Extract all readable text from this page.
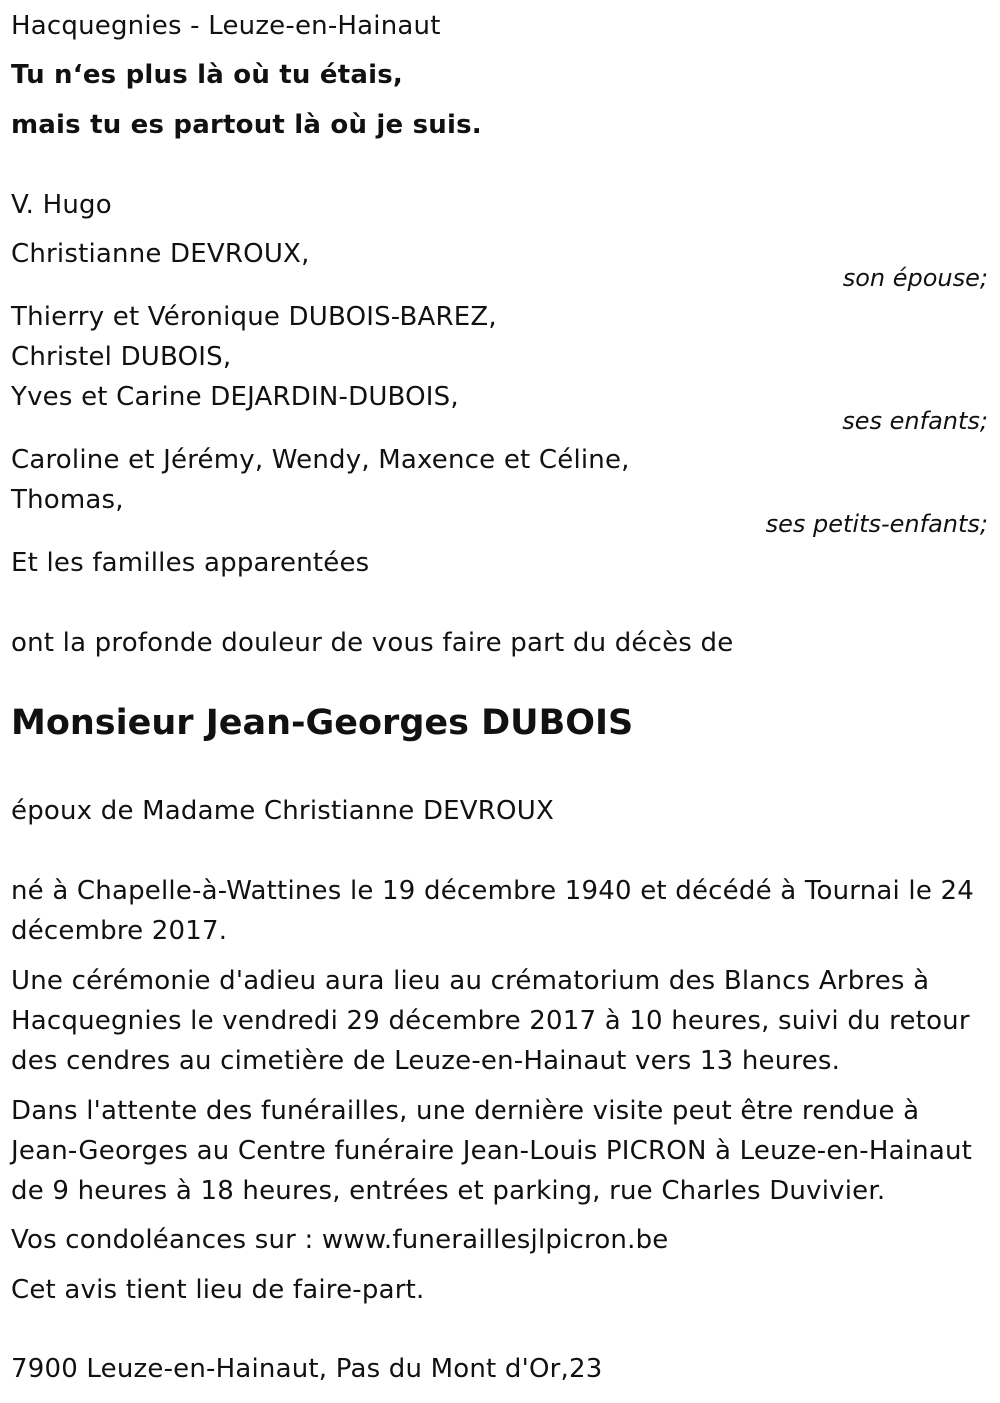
Hacquegnies - Leuze-en-Hainaut
Tu n‘es plus là où tu étais,
mais tu es partout là où je suis.
V. Hugo
Christianne DEVROUX,
son épouse;
Thierry et Véronique DUBOIS-BAREZ,
Christel DUBOIS,
Yves et Carine DEJARDIN-DUBOIS,
ses enfants;
Caroline et Jérémy, Wendy, Maxence et Céline,
Thomas,
ses petits-enfants;
Et les familles apparentées
ont la profonde douleur de vous faire part du décès de
Monsieur Jean-Georges DUBOIS
époux de Madame Christianne DEVROUX
né à Chapelle-à-Wattines le 19 décembre 1940 et décédé à Tournai le 24
décembre 2017.
Une cérémonie d'adieu aura lieu au crématorium des Blancs Arbres à
Hacquegnies le vendredi 29 décembre 2017 à 10 heures, suivi du retour
des cendres au cimetière de Leuze-en-Hainaut vers 13 heures.
Dans l'attente des funérailles, une dernière visite peut être rendue à
Jean-Georges au Centre funéraire Jean-Louis PICRON à Leuze-en-Hainaut
de 9 heures à 18 heures, entrées et parking, rue Charles Duvivier.
Vos condoléances sur : www.funeraillesjlpicron.be
Cet avis tient lieu de faire-part.
7900 Leuze-en-Hainaut, Pas du Mont d'Or,23
